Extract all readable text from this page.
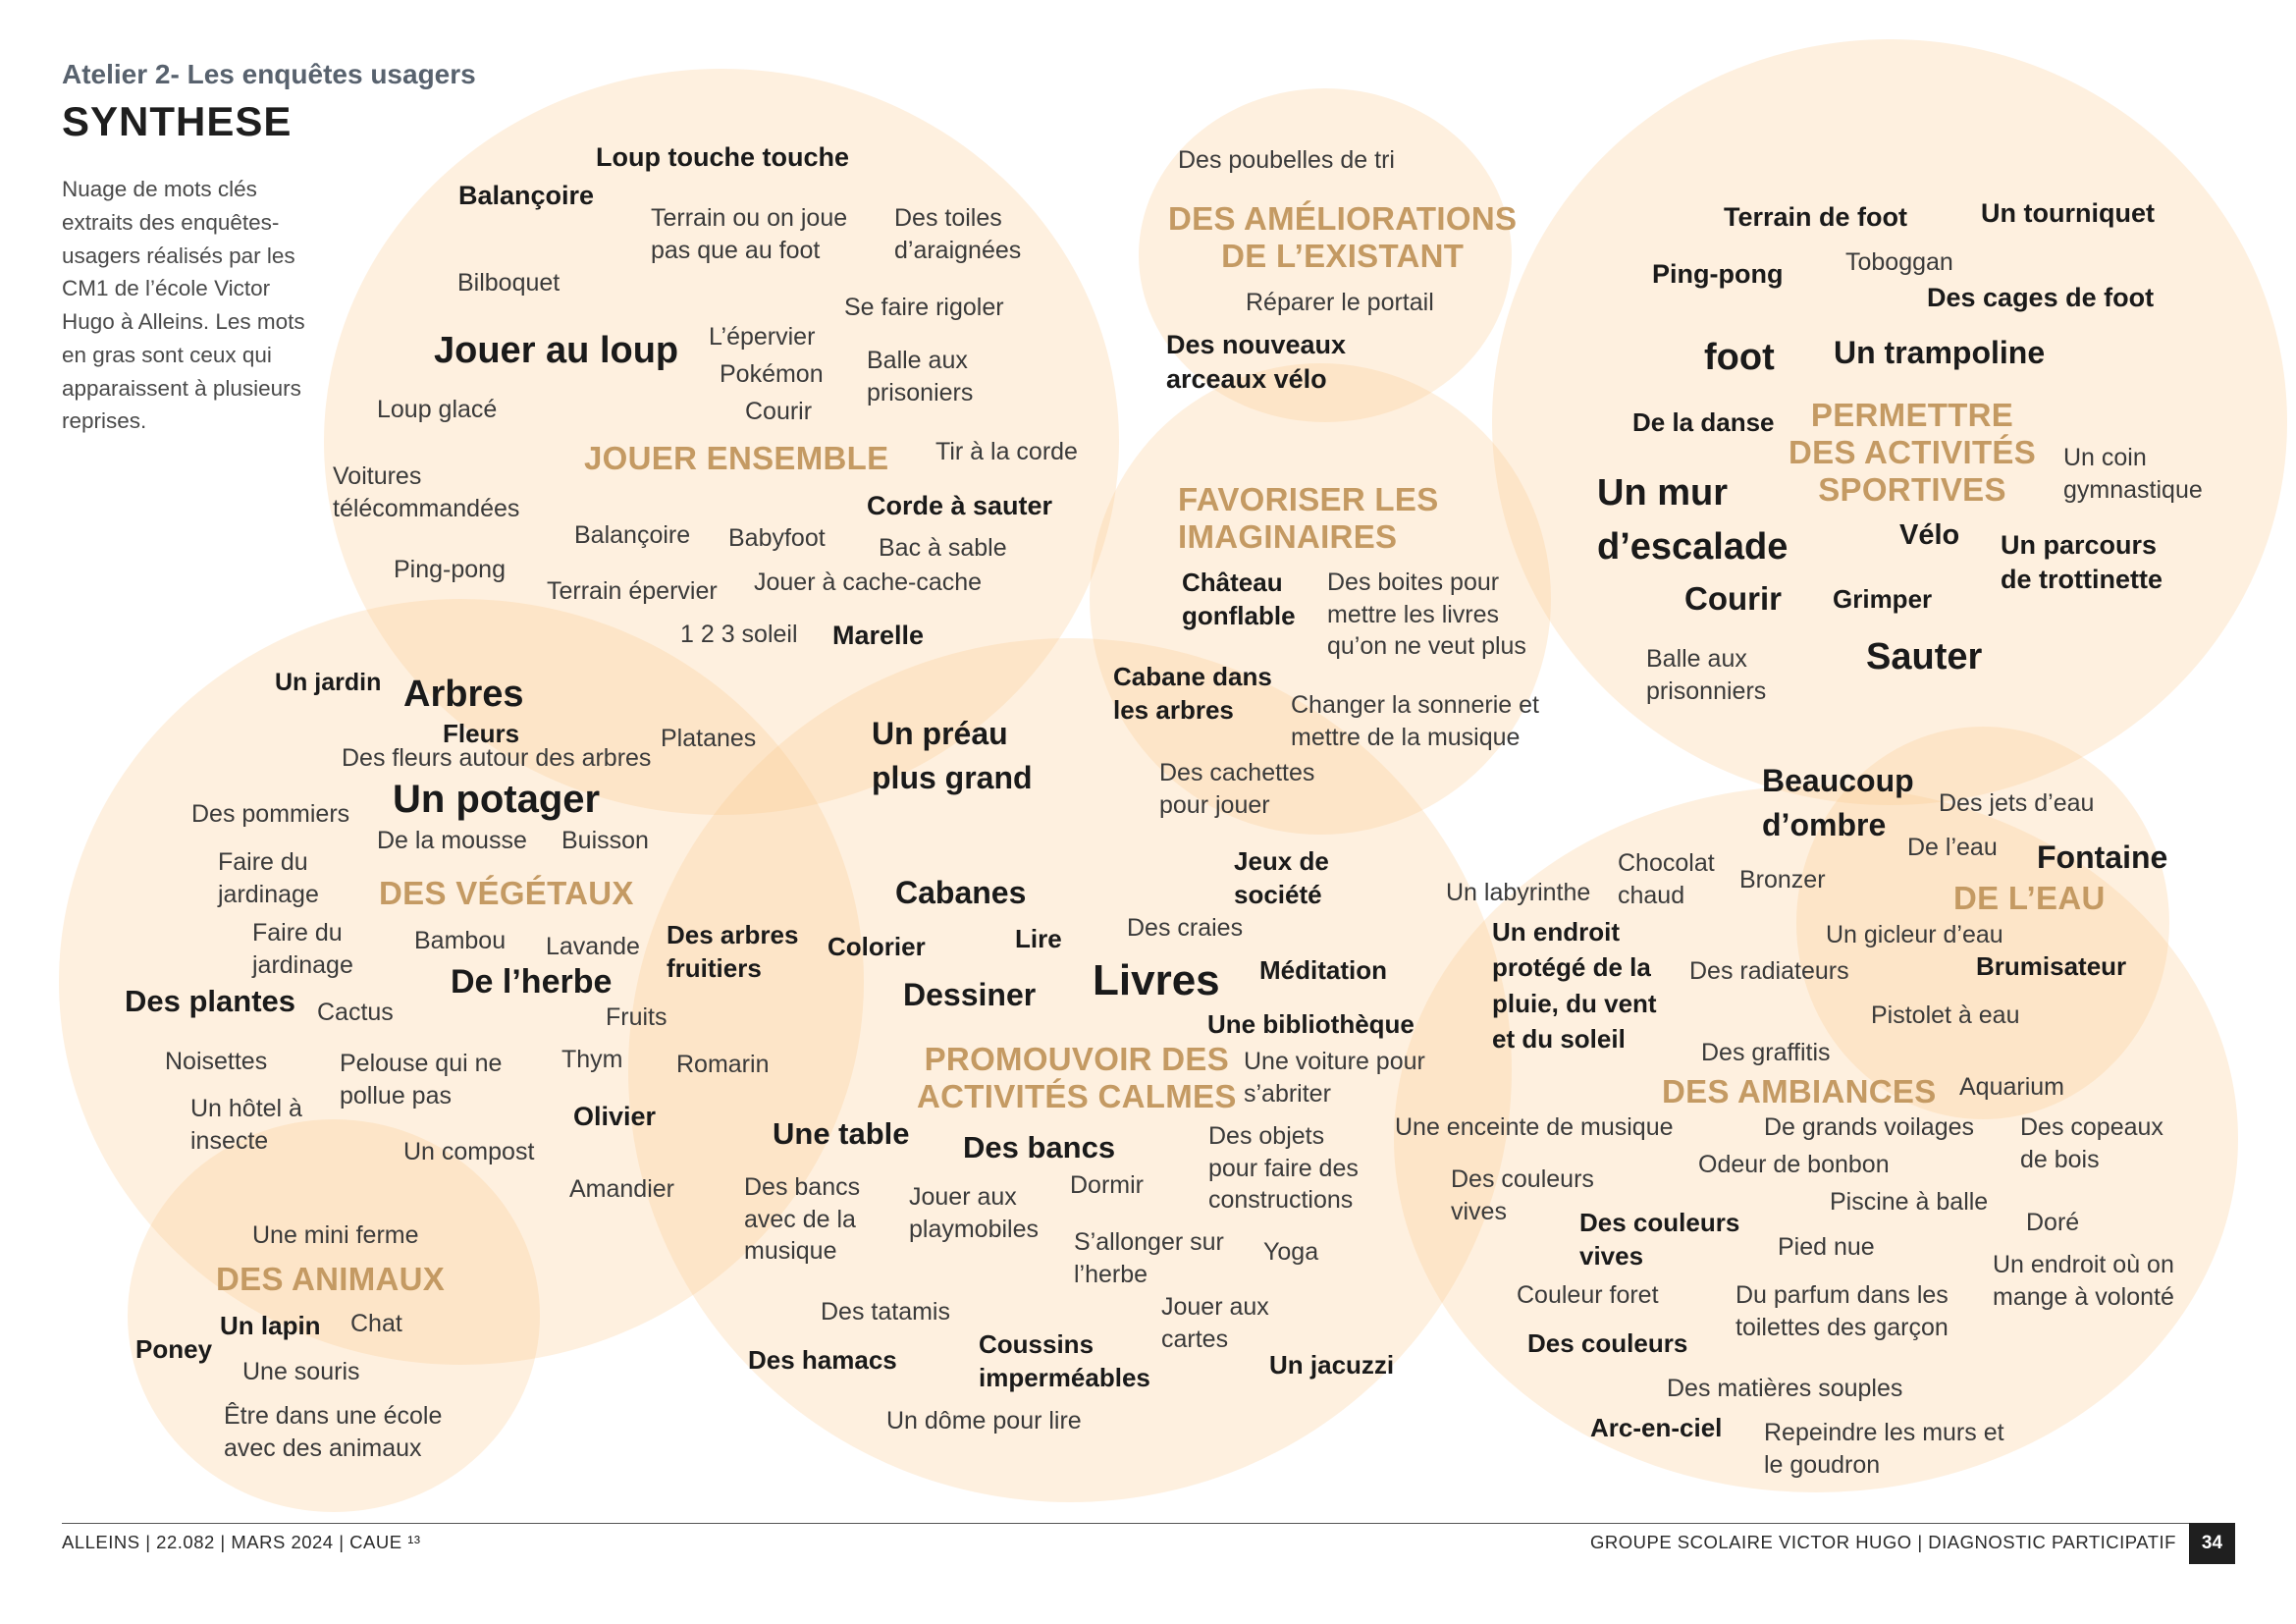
Atelier 2- Les enquêtes usagers
SYNTHESE
Nuage de mots clés
extraits des enquêtes-
usagers réalisés par les
CM1 de l’école Victor
Hugo à Alleins. Les mots
en gras sont ceux qui
apparaissent à plusieurs
reprises.
JOUER ENSEMBLE
DES AMÉLIORATIONS
DE L’EXISTANT
PERMETTRE
DES ACTIVITÉS
SPORTIVES
FAVORISER LES
IMAGINAIRES
DES VÉGÉTAUX	DE L’EAU
PROMOUVOIR DES
ACTIVITÉS CALMES	DES AMBIANCES
DES ANIMAUX
Loup touche touche
Balançoire
Terrain ou on joue
pas que au foot
Des toiles
d’araignées
Bilboquet
Se faire rigoler
Jouer au loup L’épervier
Pokémon
Courir
Balle aux
prisoniers
Loup glacé
Tir à la corde
Voitures
télécommandées	Corde à sauter
Balançoire Babyfoot Bac à sable
Ping-pong
Terrain épervier Jouer à cache-cache
1 2 3 soleil Marelle
Des poubelles de tri
Réparer le portail
Des nouveaux
arceaux vélo
Terrain de foot	Un tourniquet
Ping-pong	Toboggan
Des cages de foot
foot Un trampoline
De la danse
Un coin
gymnastique
Un mur
d’escalade	Vélo Un parcours
de trottinette
Courir Grimper
Balle aux
prisonniers
Sauter
Château
gonflable
Des boites pour
mettre les livres
qu’on ne veut plus
Cabane dans
les arbres	Changer la sonnerie et
mettre de la musique
Des cachettes
pour jouer
Un jardin Arbres
Fleurs	Platanes
Des fleurs autour des arbres
Des pommiers Un potager
De la mousse Buisson
Faire du
jardinage
Faire du
jardinage
Bambou Lavande
De l’herbe
Des plantes Cactus	Fruits
Noisettes	Pelouse qui ne
pollue pas
Thym Romarin
Un hôtel à
insecte
Olivier
Un compost
Amandier
Un préau
plus grand
Cabanes
Jeux de
société
Des craies
Des arbres
fruitiers
Colorier	Lire
Dessiner Livres Méditation
Une bibliothèque
Une voiture pour
s’abriter
Une table Des bancs	Des objets
pour faire des
constructions
Des bancs
avec de la
musique
Jouer aux
playmobiles
Dormir
S’allonger sur
l’herbe
Yoga
Des tatamis	Jouer aux
cartes
Des hamacs
Coussins
imperméables	Un jacuzzi
Un dôme pour lire
Beaucoup
d’ombre
Des jets d’eau
Chocolat
chaud
De l’eau Fontaine
Bronzer
Un labyrinthe
Un endroit
protégé de la
pluie, du vent
et du soleil
Un gicleur d’eau
Des radiateurs	Brumisateur
Pistolet à eau
Des graffitis
Aquarium
Une enceinte de musique	De grands voilages Des copeaux
de bois
Odeur de bonbon
Des couleurs
vives	Piscine à balle
Des couleurs
vives
Doré
Pied nue
Un endroit où on
mange à volonté
Couleur foret	Du parfum dans les
toilettes des garçon
Des couleurs
Des matières souples
Arc-en-ciel Repeindre les murs et
le goudron
Une mini ferme
Un lapin Chat
Poney
Une souris
Être dans une école
avec des animaux
ALLEINS | 22.082 | MARS 2024 | CAUE ¹³	GROUPE SCOLAIRE VICTOR HUGO | DIAGNOSTIC PARTICIPATIF	34
